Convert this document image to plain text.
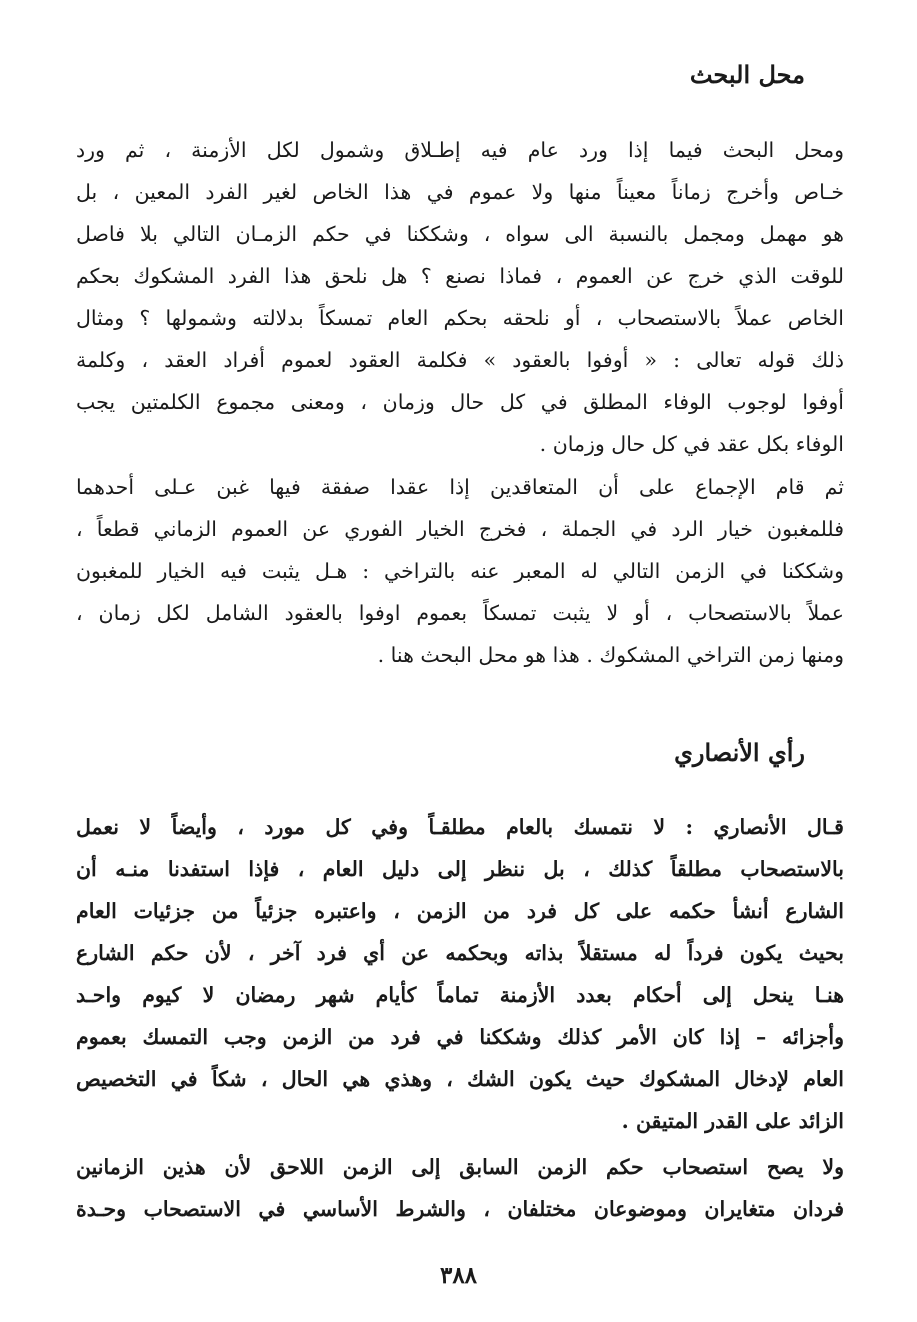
محل البحث
ومحل البحث فيما إذا ورد عام فيه إطـلاق وشمول لكل الأزمنة ، ثم ورد
خـاص وأخرج زماناً معيناً منها ولا عموم في هذا الخاص لغير الفرد المعين ، بل
هو مهمل ومجمل بالنسبة الى سواه ، وشككنا في حكم الزمـان التالي بلا فاصل
للوقت الذي خرج عن العموم ، فماذا نصنع ؟ هل نلحق هذا الفرد المشكوك بحكم
الخاص عملاً بالاستصحاب ، أو نلحقه بحكم العام تمسكاً بدلالته وشمولها ؟ ومثال
ذلك قوله تعالى : « أوفوا بالعقود » فكلمة العقود لعموم أفراد العقد ، وكلمة
أوفوا لوجوب الوفاء المطلق في كل حال وزمان ، ومعنى مجموع الكلمتين يجب
الوفاء بكل عقد في كل حال وزمان .
ثم قام الإجماع على أن المتعاقدين إذا عقدا صفقة فيها غبن عـلى أحدهما
فللمغبون خيار الرد في الجملة ، فخرج الخيار الفوري عن العموم الزماني قطعاً ،
وشككنا في الزمن التالي له المعبر عنه بالتراخي : هـل يثبت فيه الخيار للمغبون
عملاً بالاستصحاب ، أو لا يثبت تمسكاً بعموم اوفوا بالعقود الشامل لكل زمان ،
ومنها زمن التراخي المشكوك . هذا هو محل البحث هنا .
رأي الأنصاري
قـال الأنصاري : لا نتمسك بالعام مطلقـاً وفي كل مورد ، وأيضاً لا نعمل
بالاستصحاب مطلقاً كذلك ، بل ننظر إلى دليل العام ، فإذا استفدنا منـه أن
الشارع أنشأ حكمه على كل فرد من الزمن ، واعتبره جزئياً من جزئيات العام
بحيث يكون فرداً له مستقلاً بذاته وبحكمه عن أي فرد آخر ، لأن حكم الشارع
هنـا ينحل إلى أحكام بعدد الأزمنة تماماً كأيام شهر رمضان لا كيوم واحـد
وأجزائه – إذا كان الأمر كذلك وشككنا في فرد من الزمن وجب التمسك بعموم
العام لإدخال المشكوك حيث يكون الشك ، وهذي هي الحال ، شكاً في التخصيص
الزائد على القدر المتيقن .
ولا يصح استصحاب حكم الزمن السابق إلى الزمن اللاحق لأن هذين الزمانين
فردان متغايران وموضوعان مختلفان ، والشرط الأساسي في الاستصحاب وحـدة
٣٨٨
